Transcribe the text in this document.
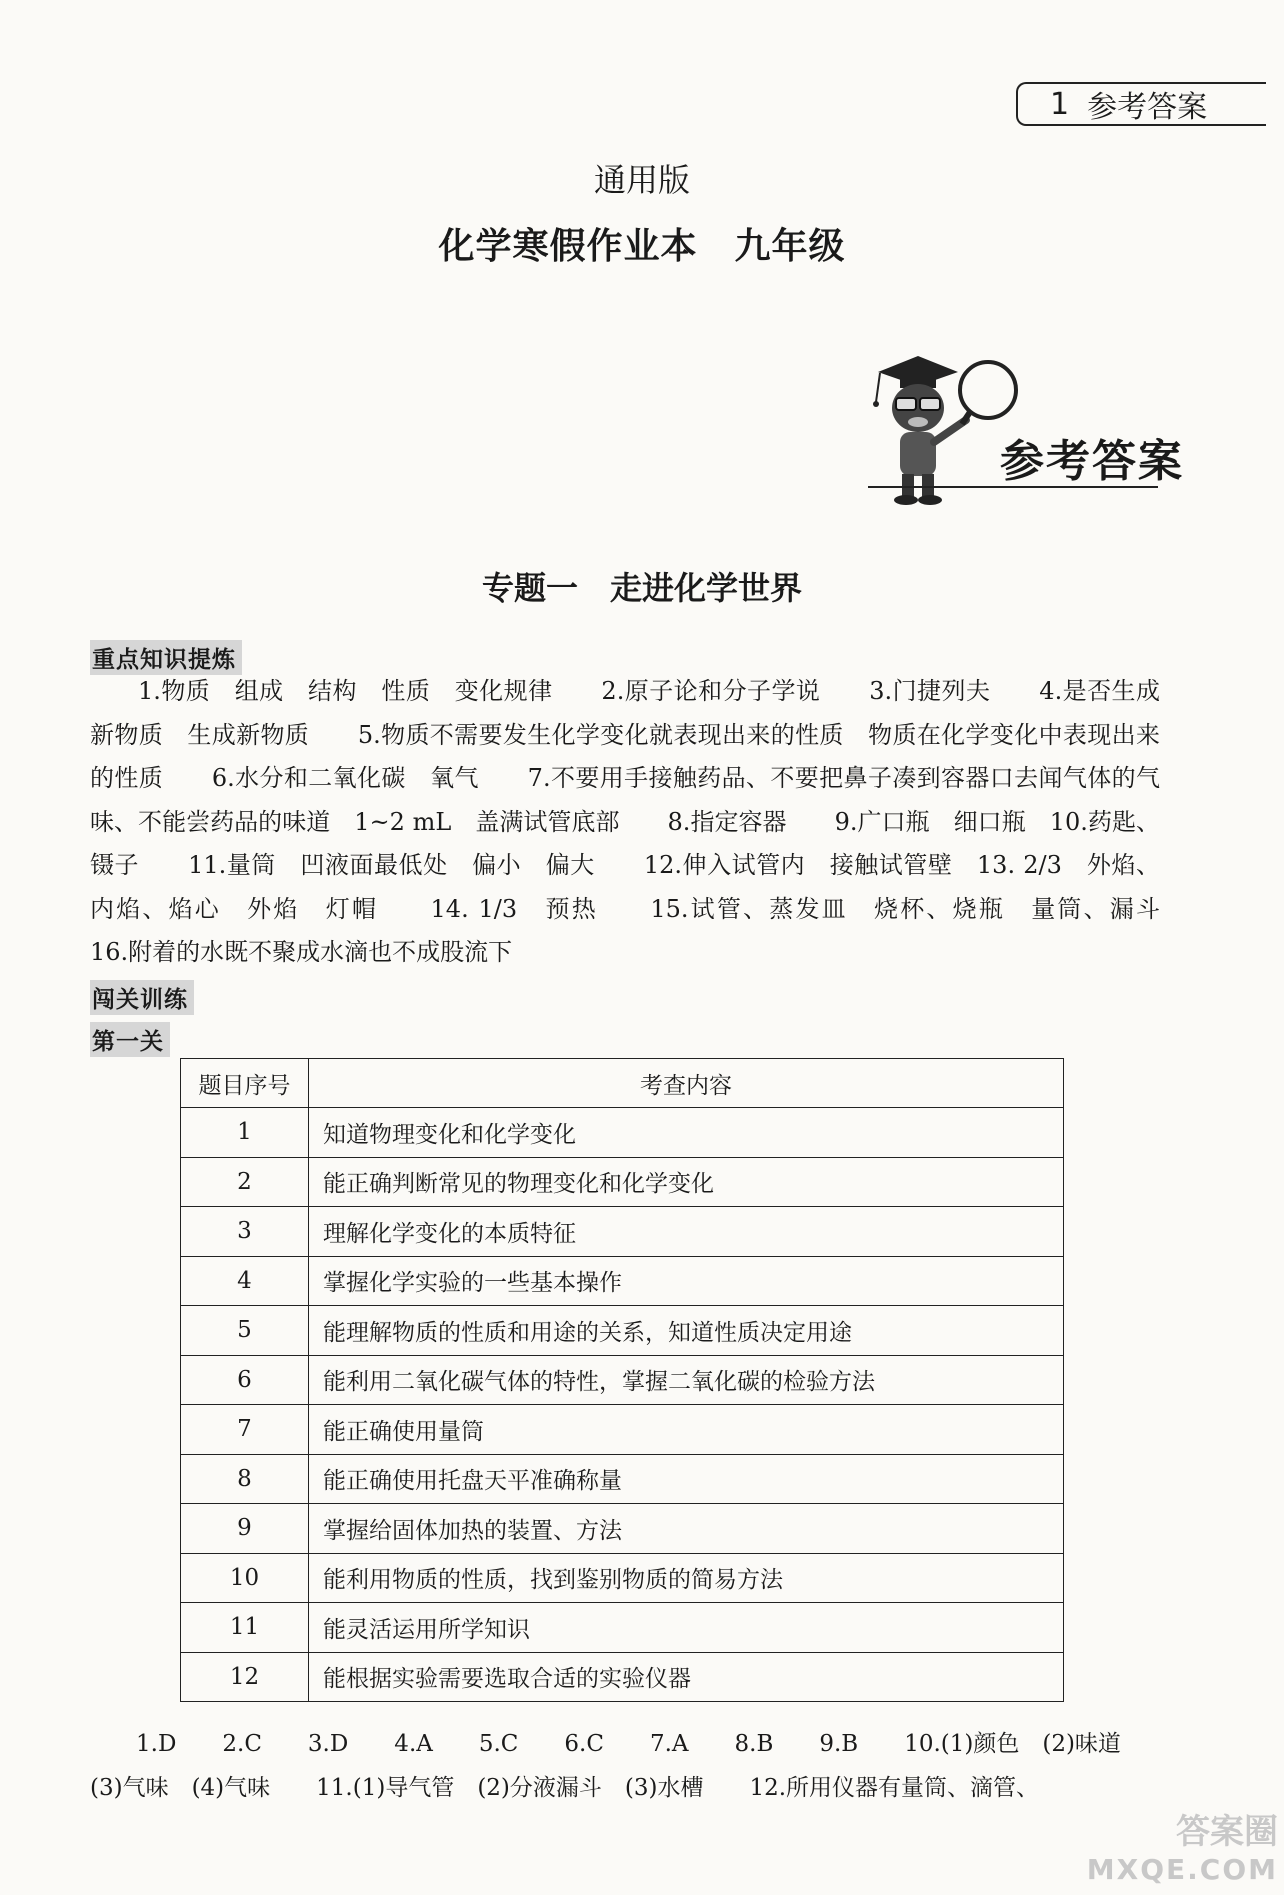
1 参考答案
通用版
化学寒假作业本　九年级
参考答案
专题一　走进化学世界
重点知识提炼

1.物质　组成　结构　性质　变化规律　　2.原子论和分子学说　　3.门捷列夫　　4.是否生成新物质　生成新物质　　5.物质不需要发生化学变化就表现出来的性质　物质在化学变化中表现出来的性质　　6.水分和二氧化碳　氧气　　7.不要用手接触药品、不要把鼻子凑到容器口去闻气体的气味、不能尝药品的味道　1~2 mL　盖满试管底部　　8.指定容器　　9.广口瓶　细口瓶　10.药匙、镊子　　11.量筒　凹液面最低处　偏小　偏大　　12.伸入试管内　接触试管壁　13. 2/3　外焰、内焰、焰心　外焰　灯帽　　14. 1/3　预热　　15.试管、蒸发皿　烧杯、烧瓶　量筒、漏斗　　16.附着的水既不聚成水滴也不成股流下

闯关训练
第一关
题目序号	考查内容
1	知道物理变化和化学变化
2	能正确判断常见的物理变化和化学变化
3	理解化学变化的本质特征
4	掌握化学实验的一些基本操作
5	能理解物质的性质和用途的关系，知道性质决定用途
6	能利用二氧化碳气体的特性，掌握二氧化碳的检验方法
7	能正确使用量筒
8	能正确使用托盘天平准确称量
9	掌握给固体加热的装置、方法
10	能利用物质的性质，找到鉴别物质的简易方法
11	能灵活运用所学知识
12	能根据实验需要选取合适的实验仪器

1.D　　2.C　　3.D　　4.A　　5.C　　6.C　　7.A　　8.B　　9.B　　10.(1)颜色　(2)味道　(3)气味　(4)气味　　11.(1)导气管　(2)分液漏斗　(3)水槽　　12.所用仪器有量筒、滴管、

答案圈
MXQE.COM
